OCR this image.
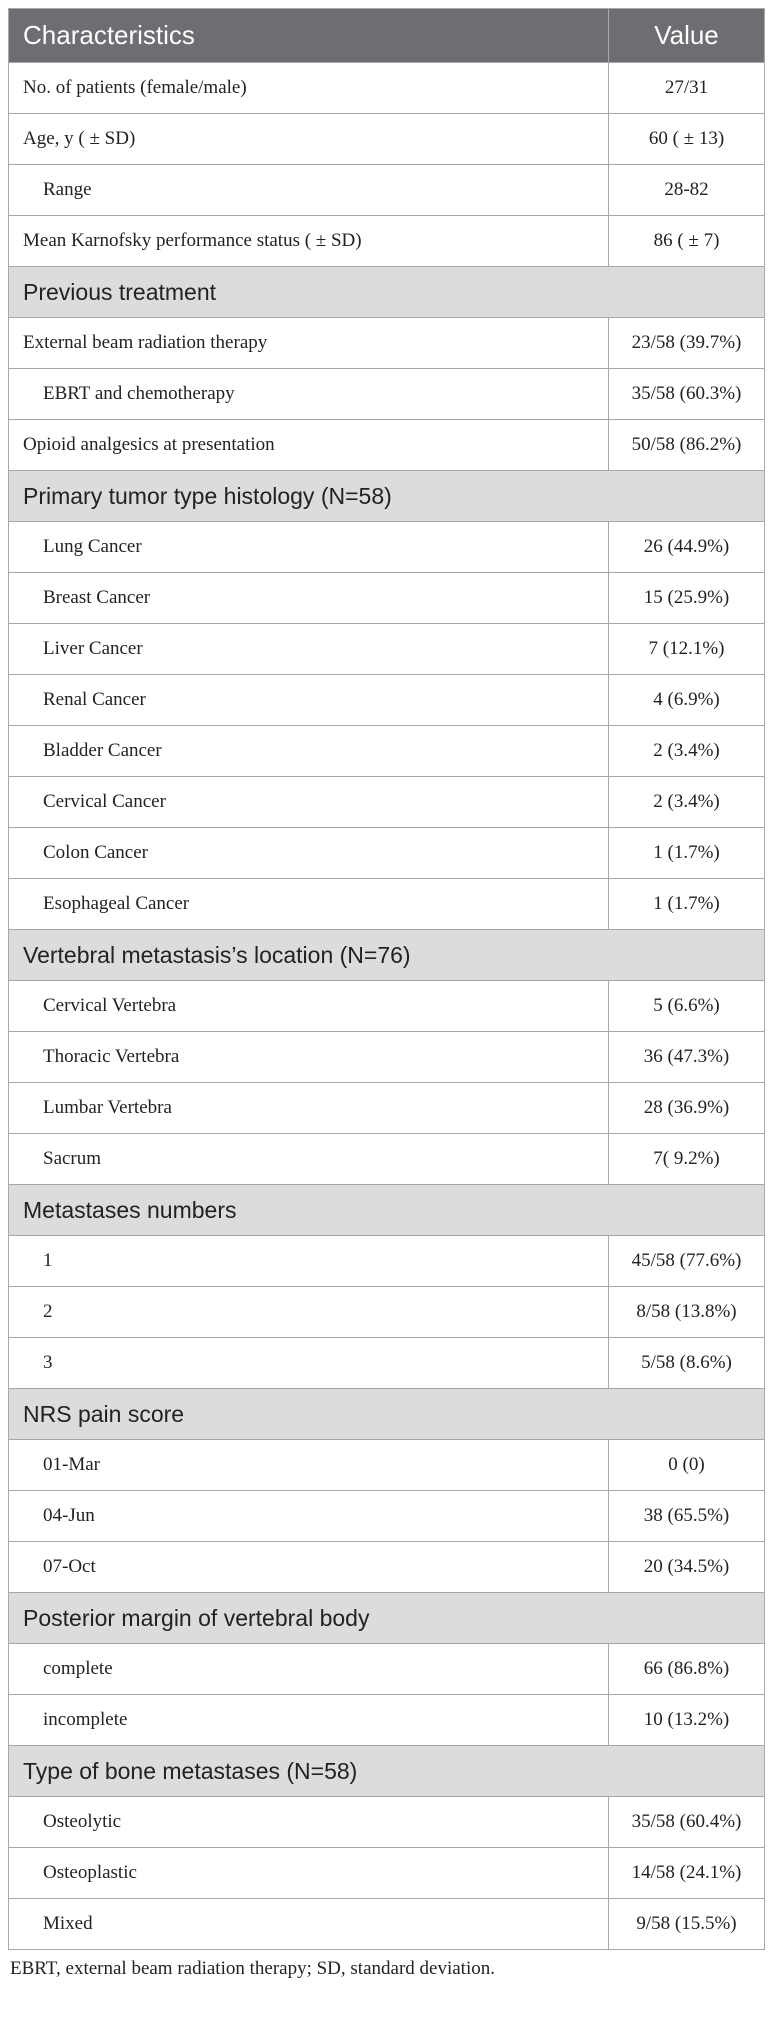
Characteristics	Value
No. of patients (female/male)	27/31
Age, y ( ± SD)	60 ( ± 13)
Range	28-82
Mean Karnofsky performance status ( ± SD)	86 ( ± 7)
Previous treatment	
External beam radiation therapy	23/58 (39.7%)
EBRT and chemotherapy	35/58 (60.3%)
Opioid analgesics at presentation	50/58 (86.2%)
Primary tumor type histology (N=58)	
Lung Cancer	26 (44.9%)
Breast Cancer	15 (25.9%)
Liver Cancer	7 (12.1%)
Renal Cancer	4 (6.9%)
Bladder Cancer	2 (3.4%)
Cervical Cancer	2 (3.4%)
Colon Cancer	1 (1.7%)
Esophageal Cancer	1 (1.7%)
Vertebral metastasis’s location (N=76)	
Cervical Vertebra	5 (6.6%)
Thoracic Vertebra	36 (47.3%)
Lumbar Vertebra	28 (36.9%)
Sacrum	7( 9.2%)
Metastases numbers	
1	45/58 (77.6%)
2	8/58 (13.8%)
3	5/58 (8.6%)
NRS pain score	
01-Mar	0 (0)
04-Jun	38 (65.5%)
07-Oct	20 (34.5%)
Posterior margin of vertebral body	
complete	66 (86.8%)
incomplete	10 (13.2%)
Type of bone metastases (N=58)	
Osteolytic	35/58 (60.4%)
Osteoplastic	14/58 (24.1%)
Mixed	9/58 (15.5%)
EBRT, external beam radiation therapy; SD, standard deviation.
